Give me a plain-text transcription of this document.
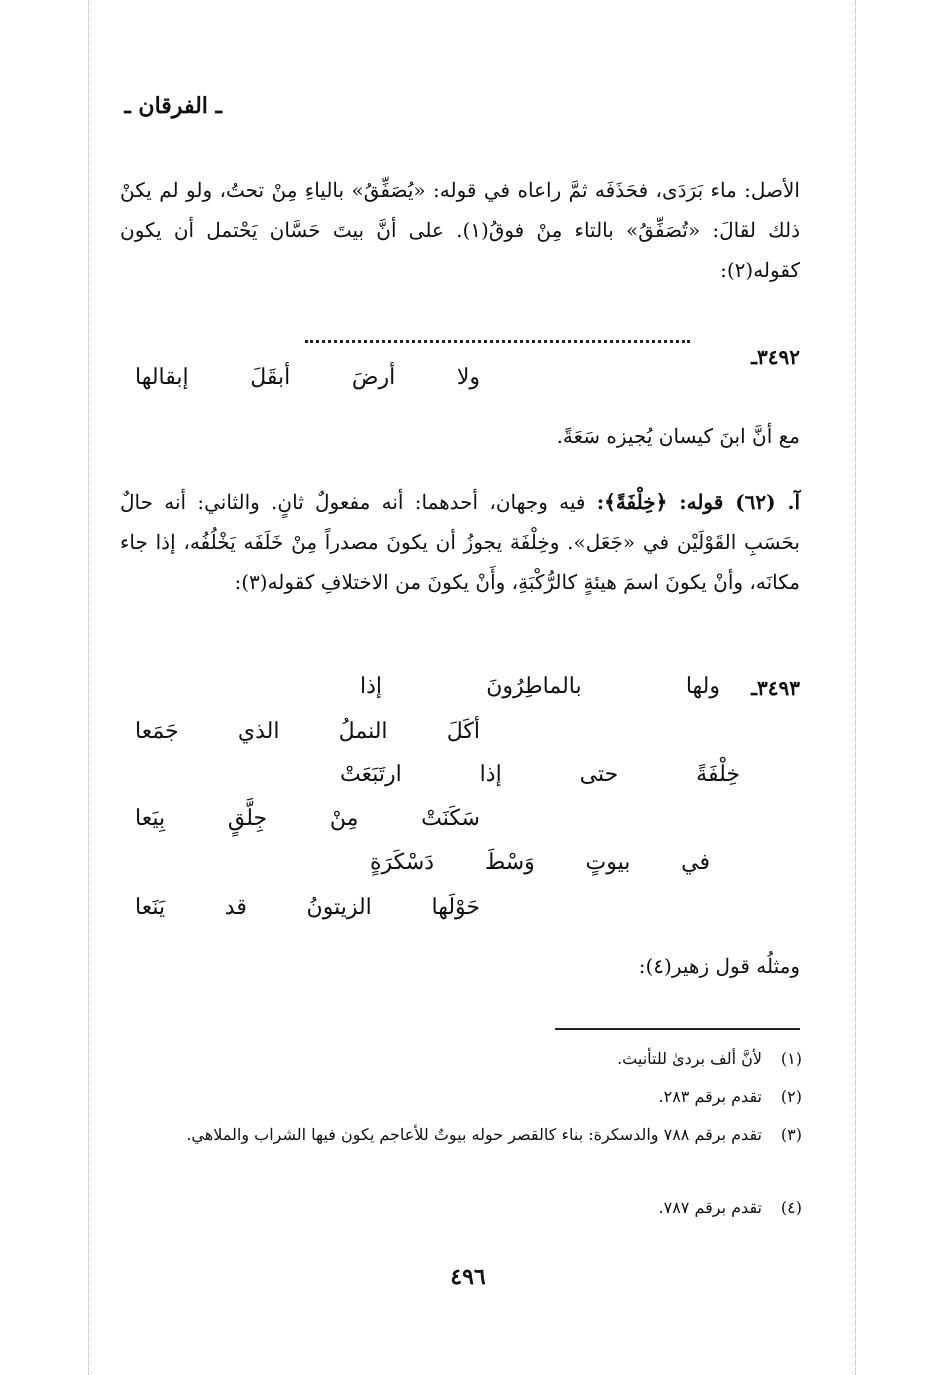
ـ الفرقان ـ
الأصل: ماء بَرَدَى، فحَذَفَه ثمَّ راعاه في قوله: «يُصَفِّقُ» بالياءِ مِنْ تحتُ، ولو لم يكنْ ذلك لقالَ: «تُصَفِّقُ» بالتاء مِنْ فوقُ(١). على أنَّ بيتَ حَسَّان يَحْتمل أن يكون كقوله(٢):
٣٤٩٢ـ
ولا أرضَ أبقَلَ إبقالها
مع أنَّ ابنَ كيسان يُجيزه سَعَةً.
آ. (٦٢) قوله: ﴿خِلْفَةً﴾: فيه وجهان، أحدهما: أنه مفعولٌ ثانٍ. والثاني: أنه حالٌ بحَسَبِ القَوْلَيْن في «جَعَل». وخِلْفَة يجوزُ أن يكونَ مصدراً مِنْ خَلَفَه يَخْلُفُه، إذا جاء مكانَه، وأنْ يكونَ اسمَ هيئةٍ كالرُّكْبَةِ، وأَنْ يكونَ من الاختلافِ كقوله(٣):
٣٤٩٣ـ
ولها بالماطِرُونَ إذا
أكَلَ النملُ الذي جَمَعا
خِلْفَةً حتى إذا ارتَبَعَتْ
سَكَنَتْ مِنْ جِلَّقٍ بِيَعا
في بيوتٍ وَسْطَ دَسْكَرَةٍ
حَوْلَها الزيتونُ قد يَنَعا
ومثلُه قول زهير(٤):
(١)لأنَّ ألف بردىٰ للتأنيث.
(٢)تقدم برقم ٢٨٣.
(٣)تقدم برقم ٧٨٨ والدسكرة: بناء كالقصر حوله بيوتٌ للأعاجم يكون فيها الشراب والملاهي.
(٤)تقدم برقم ٧٨٧.
٤٩٦
